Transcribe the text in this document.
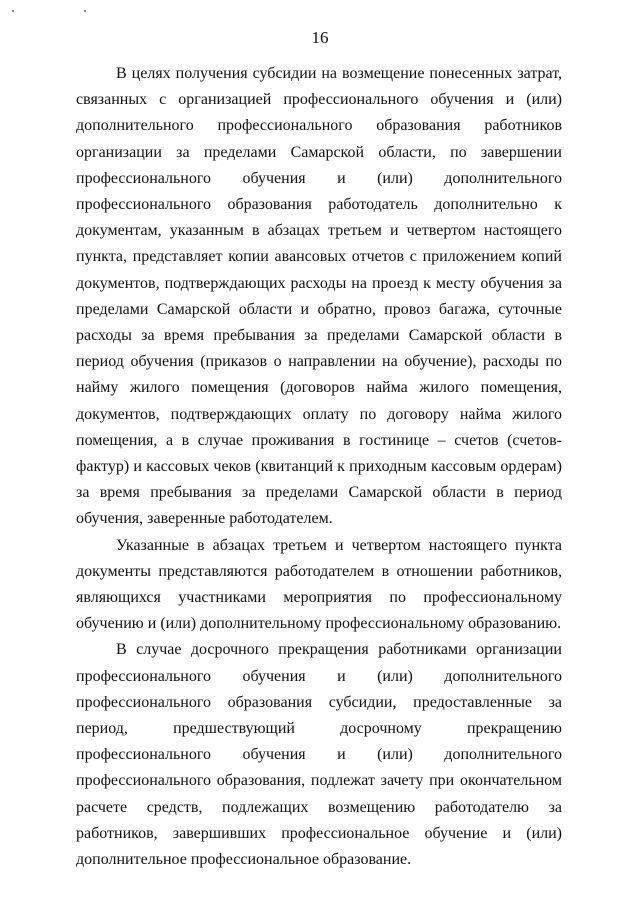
16

В целях получения субсидии на возмещение понесенных затрат, связанных с организацией профессионального обучения и (или) дополнительного профессионального образования работников организации за пределами Самарской области, по завершении профессионального обучения и (или) дополнительного профессионального образования работодатель дополнительно к документам, указанным в абзацах третьем и четвертом настоящего пункта, представляет копии авансовых отчетов с приложением копий документов, подтверждающих расходы на проезд к месту обучения за пределами Самарской области и обратно, провоз багажа, суточные расходы за время пребывания за пределами Самарской области в период обучения (приказов о направлении на обучение), расходы по найму жилого помещения (договоров найма жилого помещения, документов, подтверждающих оплату по договору найма жилого помещения, а в случае проживания в гостинице – счетов (счетов-фактур) и кассовых чеков (квитанций к приходным кассовым ордерам) за время пребывания за пределами Самарской области в период обучения, заверенные работодателем.

Указанные в абзацах третьем и четвертом настоящего пункта документы представляются работодателем в отношении работников, являющихся участниками мероприятия по профессиональному обучению и (или) дополнительному профессиональному образованию.

В случае досрочного прекращения работниками организации профессионального обучения и (или) дополнительного профессионального образования субсидии, предоставленные за период, предшествующий досрочному прекращению профессионального обучения и (или) дополнительного профессионального образования, подлежат зачету при окончательном расчете средств, подлежащих возмещению работодателю за работников, завершивших профессиональное обучение и (или) дополнительное профессиональное образование.
